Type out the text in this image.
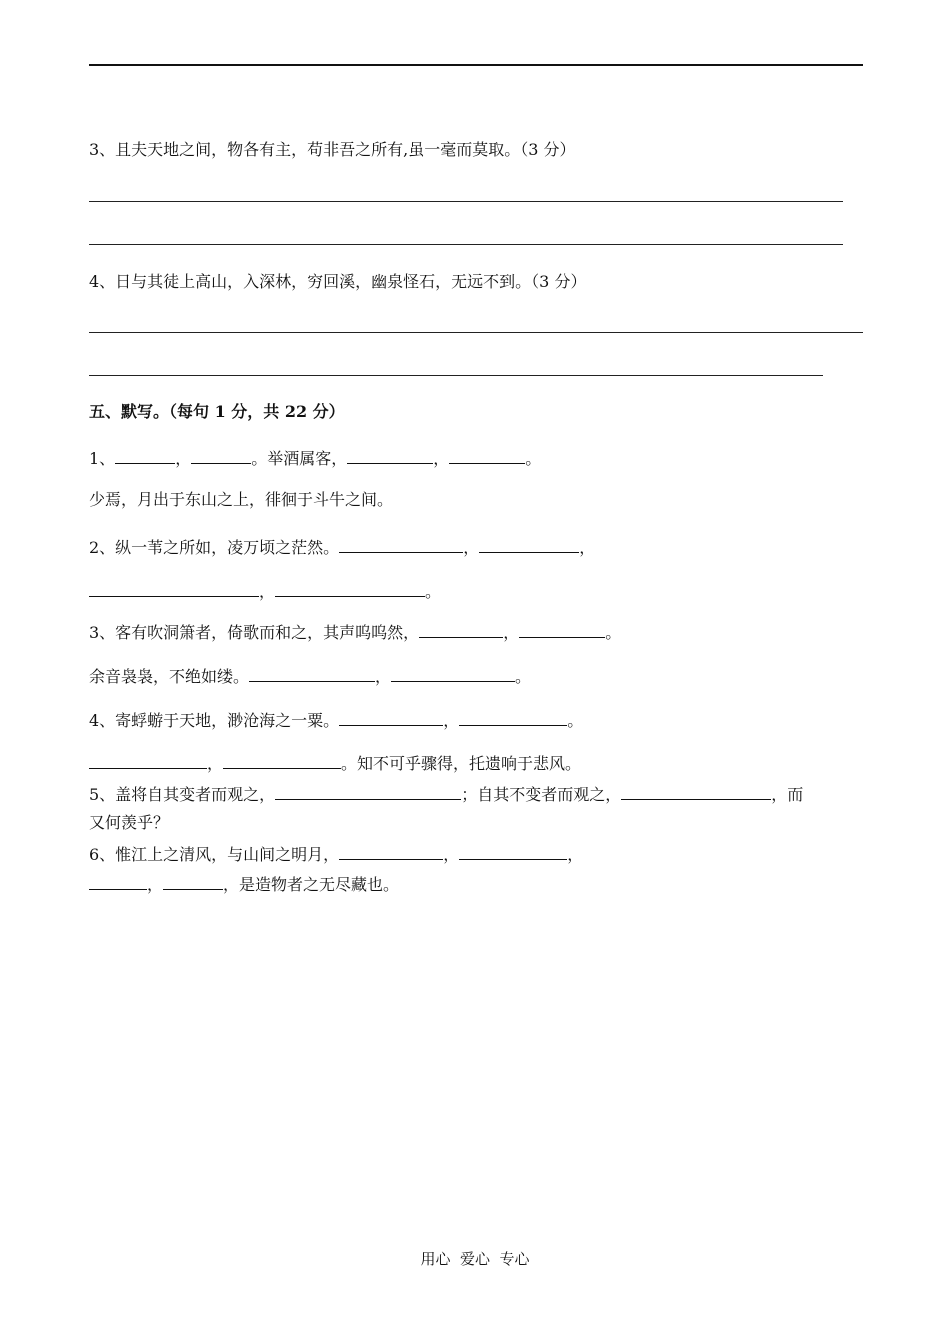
3、且夫天地之间，物各有主，苟非吾之所有,虽一毫而莫取。（3 分）
4、日与其徒上高山，入深林，穷回溪，幽泉怪石，无远不到。（3 分）
五、默写。（每句 1 分，共 22 分）
1、	，	。举酒属客，	，	。
少焉，月出于东山之上，徘徊于斗牛之间。
2、纵一苇之所如，凌万顷之茫然。	，	，
，	。
3、客有吹洞箫者，倚歌而和之，其声呜呜然，	，	。
余音袅袅，不绝如缕。	，	。
4、寄蜉蝣于天地，渺沧海之一粟。	，	。
，	。知不可乎骤得，托遗响于悲风。
5、盖将自其变者而观之，	；自其不变者而观之，	，而
又何羡乎？
6、惟江上之清风，与山间之明月，	，	，
，	，是造物者之无尽藏也。
用心  爱心  专心
